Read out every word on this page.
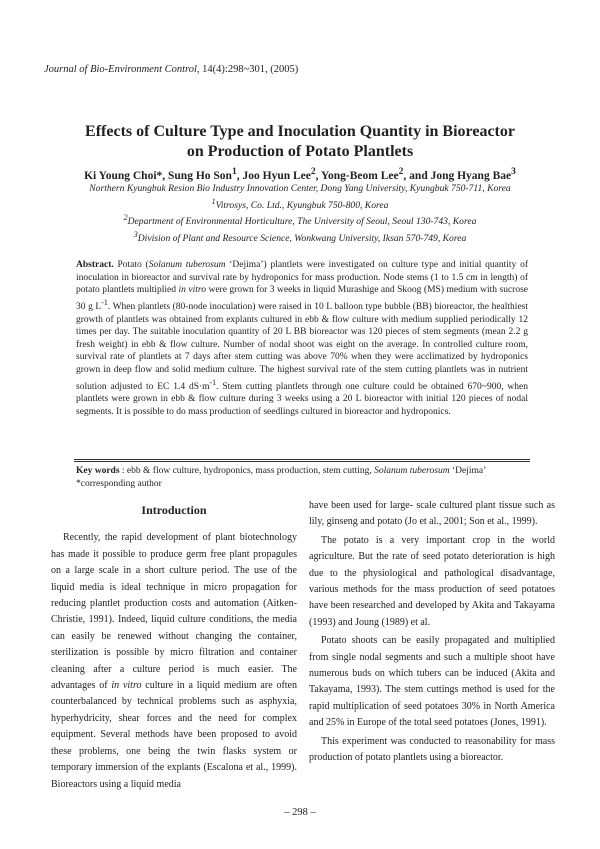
Journal of Bio-Environment Control, 14(4):298~301, (2005)
Effects of Culture Type and Inoculation Quantity in Bioreactor
on Production of Potato Plantlets
Ki Young Choi*, Sung Ho Son$^1$, Joo Hyun Lee$^2$, Yong-Beom Lee$^2$, and Jong Hyang Bae$^3$
Northern Kyungbuk Resion Bio Industry Innovation Center, Dong Yang University, Kyungbuk 750-711, Korea
$^1$Vitrosys, Co. Ltd., Kyungbuk 750-800, Korea
$^2$Department of Environmental Horticulture, The University of Seoul, Seoul 130-743, Korea
$^3$Division of Plant and Resource Science, Wonkwang University, Iksan 570-749, Korea
Abstract. Potato (Solanum tuberosum ‘Dejima’) plantlets were investigated on culture type and initial quantity of inoculation in bioreactor and survival rate by hydroponics for mass production. Node stems (1 to 1.5 cm in length) of potato plantlets multiplied in vitro were grown for 3 weeks in liquid Murashige and Skoog (MS) medium with sucrose 30 g $L^{-1}$. When plantlets (80-node inoculation) were raised in 10 L balloon type bubble (BB) bioreactor, the healthiest growth of plantlets was obtained from explants cultured in ebb & flow culture with medium supplied periodically 12 times per day. The suitable inoculation quantity of 20 L BB bioreactor was 120 pieces of stem segments (mean 2.2 g fresh weight) in ebb & flow culture. Number of nodal shoot was eight on the average. In controlled culture room, survival rate of plantlets at 7 days after stem cutting was above 70% when they were acclimatized by hydroponics grown in deep flow and solid medium culture. The highest survival rate of the stem cutting plantlets was in nutrient solution adjusted to EC 1.4 $dS\cdot m^{-1}$. Stem cutting plantlets through one culture could be obtained 670~900, when plantlets were grown in ebb & flow culture during 3 weeks using a 20 L bioreactor with initial 120 pieces of nodal segments. It is possible to do mass production of seedlings cultured in bioreactor and hydroponics.
Key words : ebb & flow culture, hydroponics, mass production, stem cutting, Solanum tuberosum ‘Dejima’
*corresponding author
Introduction

Recently, the rapid development of plant biotechnology has made it possible to produce germ free plant propagules on a large scale in a short culture period. The use of the liquid media is ideal technique in micro propagation for reducing plantlet production costs and automation (Aitken-Christie, 1991). Indeed, liquid culture conditions, the media can easily be renewed without changing the container, sterilization is possible by micro filtration and container cleaning after a culture period is much easier. The advantages of in vitro culture in a liquid medium are often counterbalanced by technical problems such as asphyxia, hyperhydricity, shear forces and the need for complex equipment. Several methods have been proposed to avoid these problems, one being the twin flasks system or temporary immersion of the explants (Escalona et al., 1999). Bioreactors using a liquid media

have been used for large- scale cultured plant tissue such as lily, ginseng and potato (Jo et al., 2001; Son et al., 1999).

The potato is a very important crop in the world agriculture. But the rate of seed potato deterioration is high due to the physiological and pathological disadvantage, various methods for the mass production of seed potatoes have been researched and developed by Akita and Takayama (1993) and Joung (1989) et al.

Potato shoots can be easily propagated and multiplied from single nodal segments and such a multiple shoot have numerous buds on which tubers can be induced (Akita and Takayama, 1993). The stem cuttings method is used for the rapid multiplication of seed potatoes 30% in North America and 25% in Europe of the total seed potatoes (Jones, 1991).

This experiment was conducted to reasonability for mass production of potato plantlets using a bioreactor.

– 298 –
